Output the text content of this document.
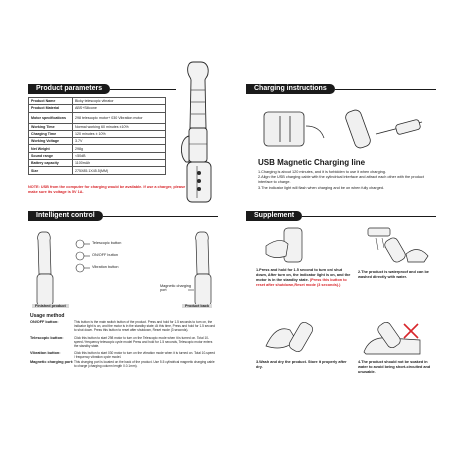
Product parameters
Product Name	Bicky telescopic vibrator
Product Material	ABS+Silicone
Motor specifications	298 telescopic motor+ 030 Vibration motor
Working Time	Normal working 60 minutes ±10%
Charging Time	120 minutes ± 10%
Working Voltage	3.7V
Net Weight	298g
Sound range	<50dB
Battery capacity	1100mAh
Size	275X85.1X45.5(MM)
NOTE: USB from the computer for charging would be available. If use a charger, please make sure its voltage is 5V 1A.
Charging instructions
USB Magnetic Charging line
1.Charging is about 120 minutes, and it is forbidden to use it when charging.
2.Align the USB charging cable with the cylindrical interface and attract each other with the product interface to charge.
3.The indicator light will flash when charging and be on when fully charged.
Intelligent control
Telescopic button
ON/OFF button
Vibration button
Magnetic charging port
Finished product	Product back
Usage method
ON/OFF button:	This button is the main switch button of the product. Press and hold for 1.5 seconds to turn on, the indicator light is on, and the motor is in the standby state; At this time, Press and hold for 1.5 second to shut down. Press this button to reset after shutdown, Reset mode (3 seconds).
Telescopic button:	Click this button to start 298 motor to turn on the Telescopic mode when it is turned on. Total 10-speed / frequency telescopic cycle model Press and hold for 1.5 seconds, Telescopic motor enters the standby state.
Vibration button:	Click this button to start 030 motor to turn on the vibration mode when it is turned on. Total 10-speed / frequency vibration cycle model.
Magnetic charging port: This charging port is located on the back of the product. Use 5.5 cylindrical magnetic charging cable to charge (charging column length 0.0.1mm).
Supplement
1.Press and hold for 1.5 second to turn on/ shut down, After turn on, the indicator light is on, and the motor is in the standby state. (Press this button to reset after shutdown,Reset mode (3 seconds).)
2.The product is waterproof and can be washed directly with water.
3.Wash and dry the product. Store it properly after dry.
4.The product should not be soaked in water to avoid being short-circuited and unusable.
